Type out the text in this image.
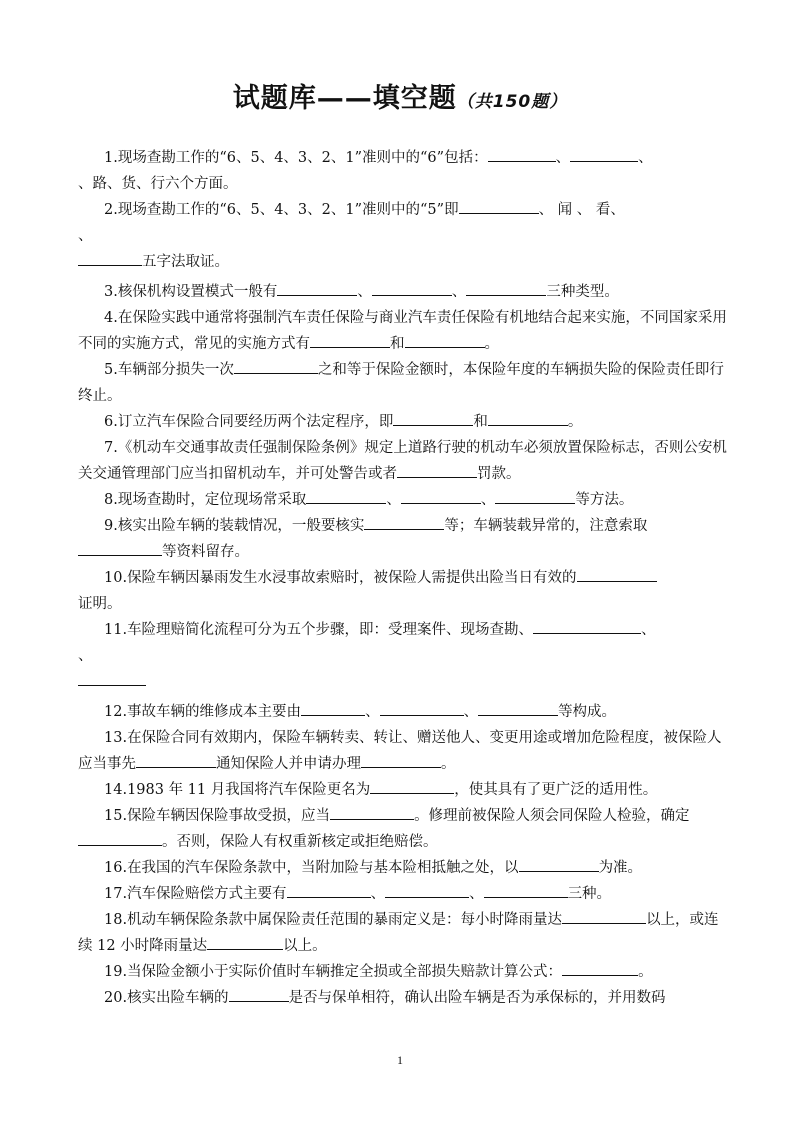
试题库——填空题（共150题）

1.现场查勘工作的“6、5、4、3、2、1”准则中的“6”包括：	、	、
、路、货、行六个方面。

2.现场查勘工作的“6、5、4、3、2、1”准则中的“5”即	、 闻 、 看、
、
五字法取证。

3.核保机构设置模式一般有	、	、	三种类型。

4.在保险实践中通常将强制汽车责任保险与商业汽车责任保险有机地结合起来实施，不同国家采用不同的实施方式，常见的实施方式有	和	。

5.车辆部分损失一次	之和等于保险金额时，本保险年度的车辆损失险的保险责任即行终止。

6.订立汽车保险合同要经历两个法定程序，即	和	。

7.《机动车交通事故责任强制保险条例》规定上道路行驶的机动车必须放置保险标志，否则公安机关交通管理部门应当扣留机动车，并可处警告或者	罚款。

8.现场查勘时，定位现场常采取	、	、	等方法。

9.核实出险车辆的装载情况，一般要核实	等；车辆装载异常的，注意索取
等资料留存。

10.保险车辆因暴雨发生水浸事故索赔时，被保险人需提供出险当日有效的
证明。

11.车险理赔简化流程可分为五个步骤，即：受理案件、现场查勘、	、
、

12.事故车辆的维修成本主要由	、	、	等构成。

13.在保险合同有效期内，保险车辆转卖、转让、赠送他人、变更用途或增加危险程度，被保险人应当事先	通知保险人并申请办理	。

14.1983 年 11 月我国将汽车保险更名为	，使其具有了更广泛的适用性。

15.保险车辆因保险事故受损，应当	。修理前被保险人须会同保险人检验，确定。否则，保险人有权重新核定或拒绝赔偿。

16.在我国的汽车保险条款中，当附加险与基本险相抵触之处，以	为准。

17.汽车保险赔偿方式主要有	、	、	三种。

18.机动车辆保险条款中属保险责任范围的暴雨定义是：每小时降雨量达	以上，或连续 12 小时降雨量达	以上。

19.当保险金额小于实际价值时车辆推定全损或全部损失赔款计算公式：	。

20.核实出险车辆的	是否与保单相符，确认出险车辆是否为承保标的，并用数码

1
